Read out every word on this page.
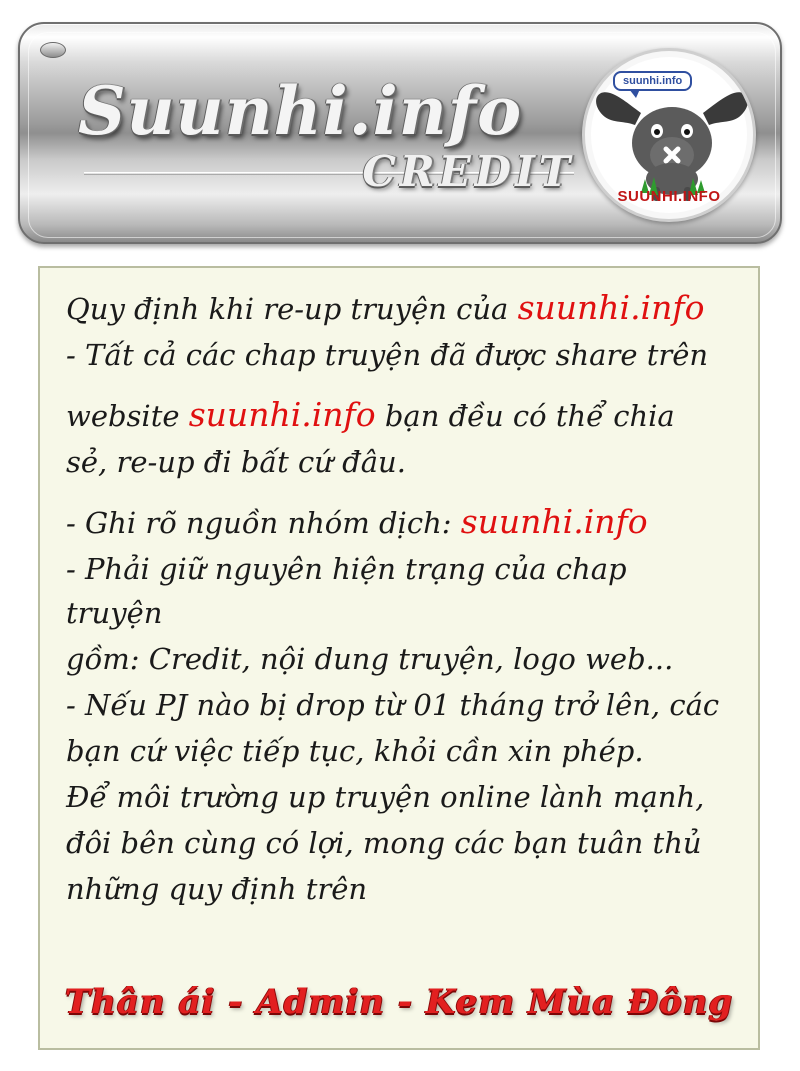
Suunhi.info
CREDIT
suunhi.info
SUUNHI.INFO

Quy định khi re-up truyện của suunhi.info

- Tất cả các chap truyện đã được share trên

website suunhi.info bạn đều có thể chia

sẻ, re-up đi bất cứ đâu.

- Ghi rõ nguồn nhóm dịch: suunhi.info

- Phải giữ nguyên hiện trạng của chap truyện

gồm: Credit, nội dung truyện, logo web...

- Nếu PJ nào bị drop từ 01 tháng trở lên, các

bạn cứ việc tiếp tục, khỏi cần xin phép.

Để môi trường up truyện online lành mạnh,

đôi bên cùng có lợi, mong các bạn tuân thủ

những quy định trên

Thân ái - Admin - Kem Mùa Đông
